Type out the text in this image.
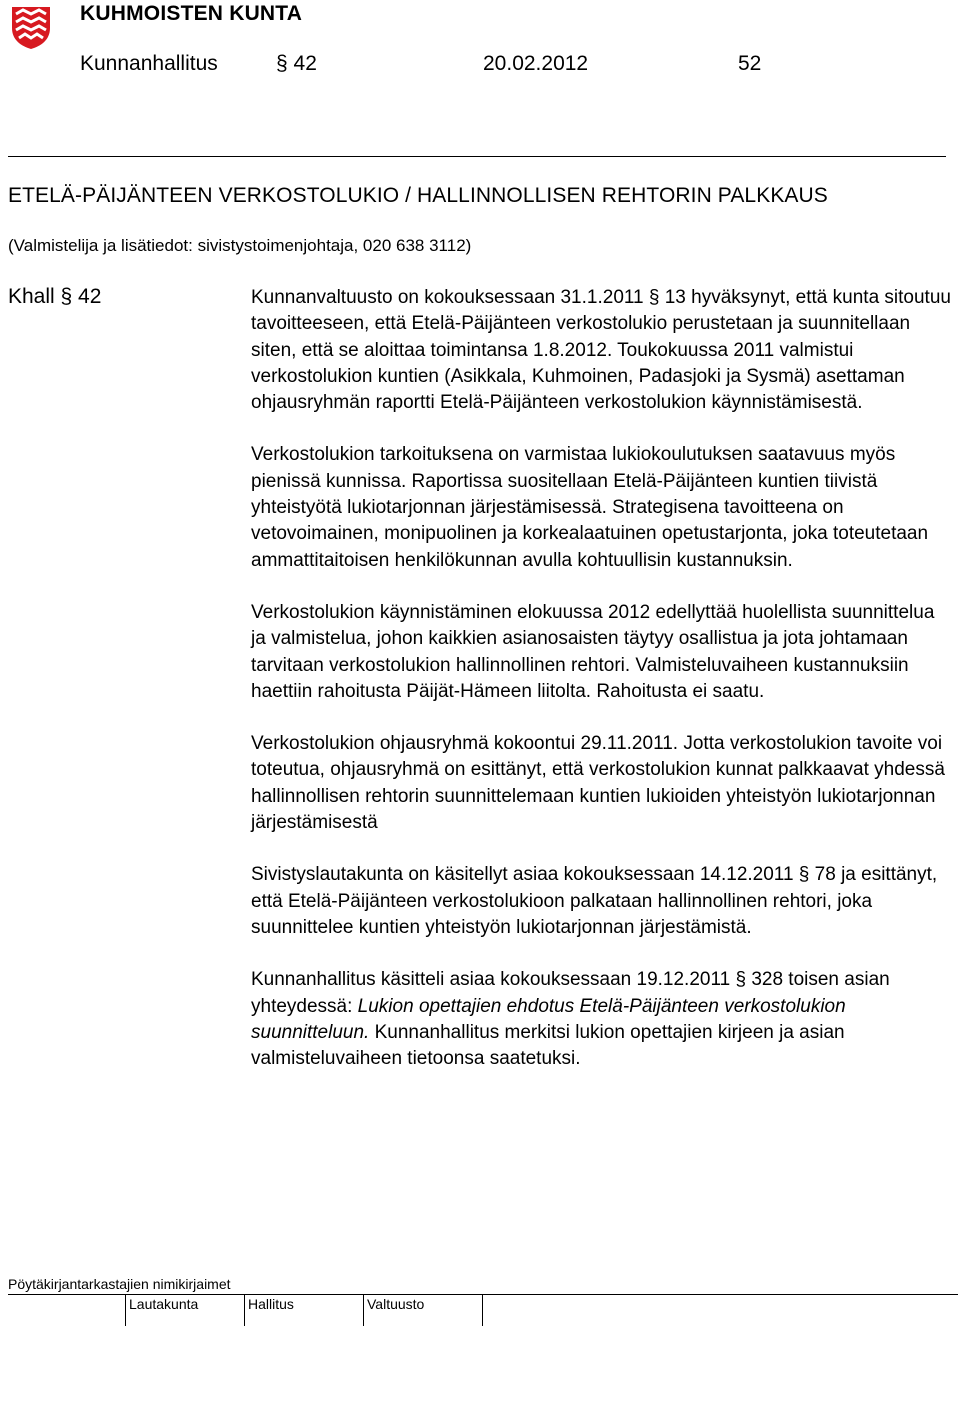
KUHMOISTEN KUNTA
Kunnanhallitus	§ 42	20.02.2012	52
ETELÄ-PÄIJÄNTEEN VERKOSTOLUKIO / HALLINNOLLISEN REHTORIN PALKKAUS
(Valmistelija ja lisätiedot: sivistystoimenjohtaja, 020 638 3112)
Khall § 42	Kunnanvaltuusto on kokouksessaan 31.1.2011 § 13 hyväksynyt, että kunta sitoutuu tavoitteeseen, että Etelä-Päijänteen verkostolukio perustetaan ja suunnitellaan siten, että se aloittaa toimintansa 1.8.2012. Toukokuussa 2011 valmistui verkostolukion kuntien (Asikkala, Kuhmoinen, Padasjoki ja Sysmä) asettaman ohjausryhmän raportti Etelä-Päijänteen verkostolukion käynnistämisestä.

Verkostolukion tarkoituksena on varmistaa lukiokoulutuksen saatavuus myös pienissä kunnissa. Raportissa suositellaan Etelä-Päijänteen kuntien tiivistä yhteistyötä lukiotarjonnan järjestämisessä. Strategisena tavoitteena on vetovoimainen, monipuolinen ja korkealaatuinen opetustarjonta, joka toteutetaan ammattitaitoisen henkilökunnan avulla kohtuullisin kustannuksin.

Verkostolukion käynnistäminen elokuussa 2012 edellyttää huolellista suunnittelua ja valmistelua, johon kaikkien asianosaisten täytyy osallistua ja jota johtamaan tarvitaan verkostolukion hallinnollinen rehtori. Valmisteluvaiheen kustannuksiin haettiin rahoitusta Päijät-Hämeen liitolta. Rahoitusta ei saatu.

Verkostolukion ohjausryhmä kokoontui 29.11.2011. Jotta verkostolukion tavoite voi toteutua, ohjausryhmä on esittänyt, että verkostolukion kunnat palkkaavat yhdessä hallinnollisen rehtorin suunnittelemaan kuntien lukioiden yhteistyön lukiotarjonnan järjestämisestä

Sivistyslautakunta on käsitellyt asiaa kokouksessaan 14.12.2011 § 78 ja esittänyt, että Etelä-Päijänteen verkostolukioon palkataan hallinnollinen rehtori, joka suunnittelee kuntien yhteistyön lukiotarjonnan järjestämistä.

Kunnanhallitus käsitteli asiaa kokouksessaan 19.12.2011 § 328 toisen asian yhteydessä: Lukion opettajien ehdotus Etelä-Päijänteen verkostolukion suunnitteluun. Kunnanhallitus merkitsi lukion opettajien kirjeen ja asian valmisteluvaiheen tietoonsa saatetuksi.

Pöytäkirjantarkastajien nimikirjaimet
Lautakunta	Hallitus	Valtuusto
